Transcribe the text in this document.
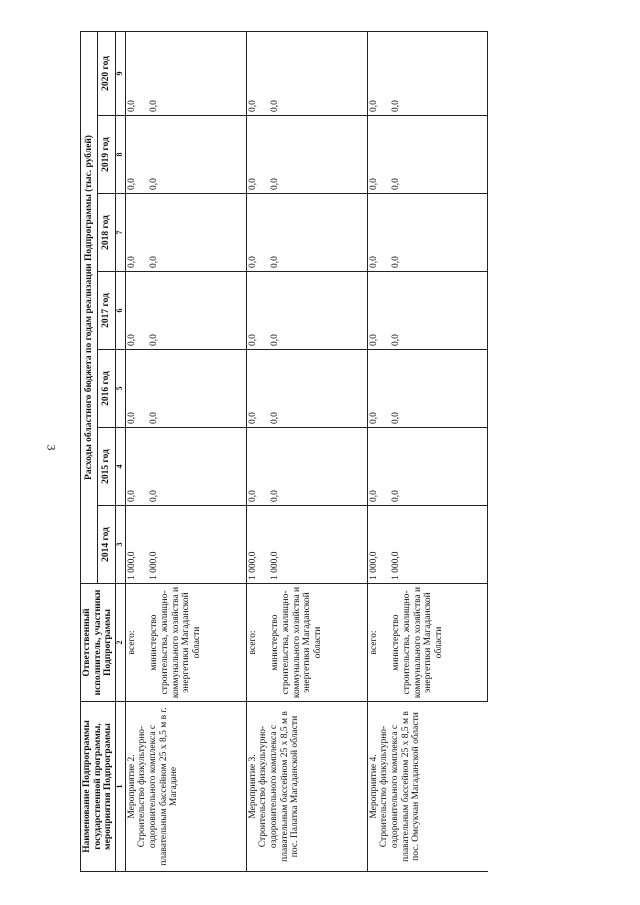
3
Наименование Подпрограммы государственной программы, мероприятия Подпрограммы	Ответственный исполнитель, участники Подпрограммы	Расходы областного бюджета по годам реализации Подпрограммы (тыс. рублей)						
		2014 год	2015 год	2016 год	2017 год	2018 год	2019 год	2020 год
1	2	3	4	5	6	7	8	9

Мероприятие 2. Строительство физкультурно-оздоровительного комплекса с плавательным бассейном 25 х 8,5 м в г. Магадане	всего:	1 000,0	0,0	0,0	0,0	0,0	0,0	0,0
	министерство строительства, жилищно-коммунального хозяйства и энергетики Магаданской области	1 000,0	0,0	0,0	0,0	0,0	0,0	0,0

Мероприятие 3. Строительство физкультурно-оздоровительного комплекса с плавательным бассейном 25 х 8,5 м в пос. Палатка Магаданской области	всего:	1 000,0	0,0	0,0	0,0	0,0	0,0	0,0
	министерство строительства, жилищно-коммунального хозяйства и энергетики Магаданской области	1 000,0	0,0	0,0	0,0	0,0	0,0	0,0

Мероприятие 4. Строительство физкультурно-оздоровительного комплекса с плавательным бассейном 25 х 8,5 м в пос. Омсукчан Магаданской области	всего:	1 000,0	0,0	0,0	0,0	0,0	0,0	0,0
	министерство строительства, жилищно-коммунального хозяйства и энергетики Магаданской области	1 000,0	0,0	0,0	0,0	0,0	0,0	0,0
